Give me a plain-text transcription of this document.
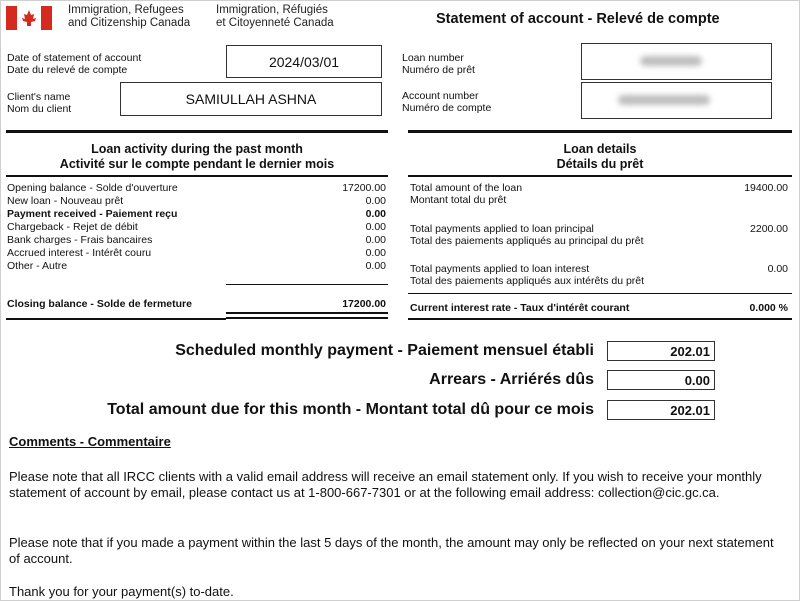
Immigration, Refugees
and Citizenship Canada
Immigration, Réfugiés
et Citoyenneté Canada	Statement of account - Relevé de compte
Date of statement of account
Date du relevé de compte
2024/03/01
Client's name
Nom du client
SAMIULLAH ASHNA
Loan number
Numéro de prêt
Account number
Numéro de compte
Loan activity during the past month
Activité sur le compte pendant le dernier mois
Opening balance - Solde d'ouverture	17200.00
New loan - Nouveau prêt	0.00
Payment received - Paiement reçu	0.00
Chargeback - Rejet de débit	0.00
Bank charges - Frais bancaires	0.00
Accrued interest - Intérêt couru	0.00
Other - Autre	0.00
Closing balance - Solde de fermeture	17200.00
Loan details
Détails du prêt
Total amount of the loan
Montant total du prêt
19400.00
Total payments applied to loan principal
Total des paiements appliqués au principal du prêt
2200.00
Total payments applied to loan interest
Total des paiements appliqués aux intérêts du prêt
0.00
Current interest rate - Taux d'intérêt courant	0.000 %
Scheduled monthly payment - Paiement mensuel établi	202.01
Arrears - Arriérés dûs	0.00
Total amount due for this month - Montant total dû pour ce mois	202.01
Comments - Commentaire
Please note that all IRCC clients with a valid email address will receive an email statement only. If you wish to receive your monthly statement of account by email, please contact us at 1-800-667-7301 or at the following email address: collection@cic.gc.ca.
Please note that if you made a payment within the last 5 days of the month, the amount may only be reflected on your next statement of account.
Thank you for your payment(s) to-date.
